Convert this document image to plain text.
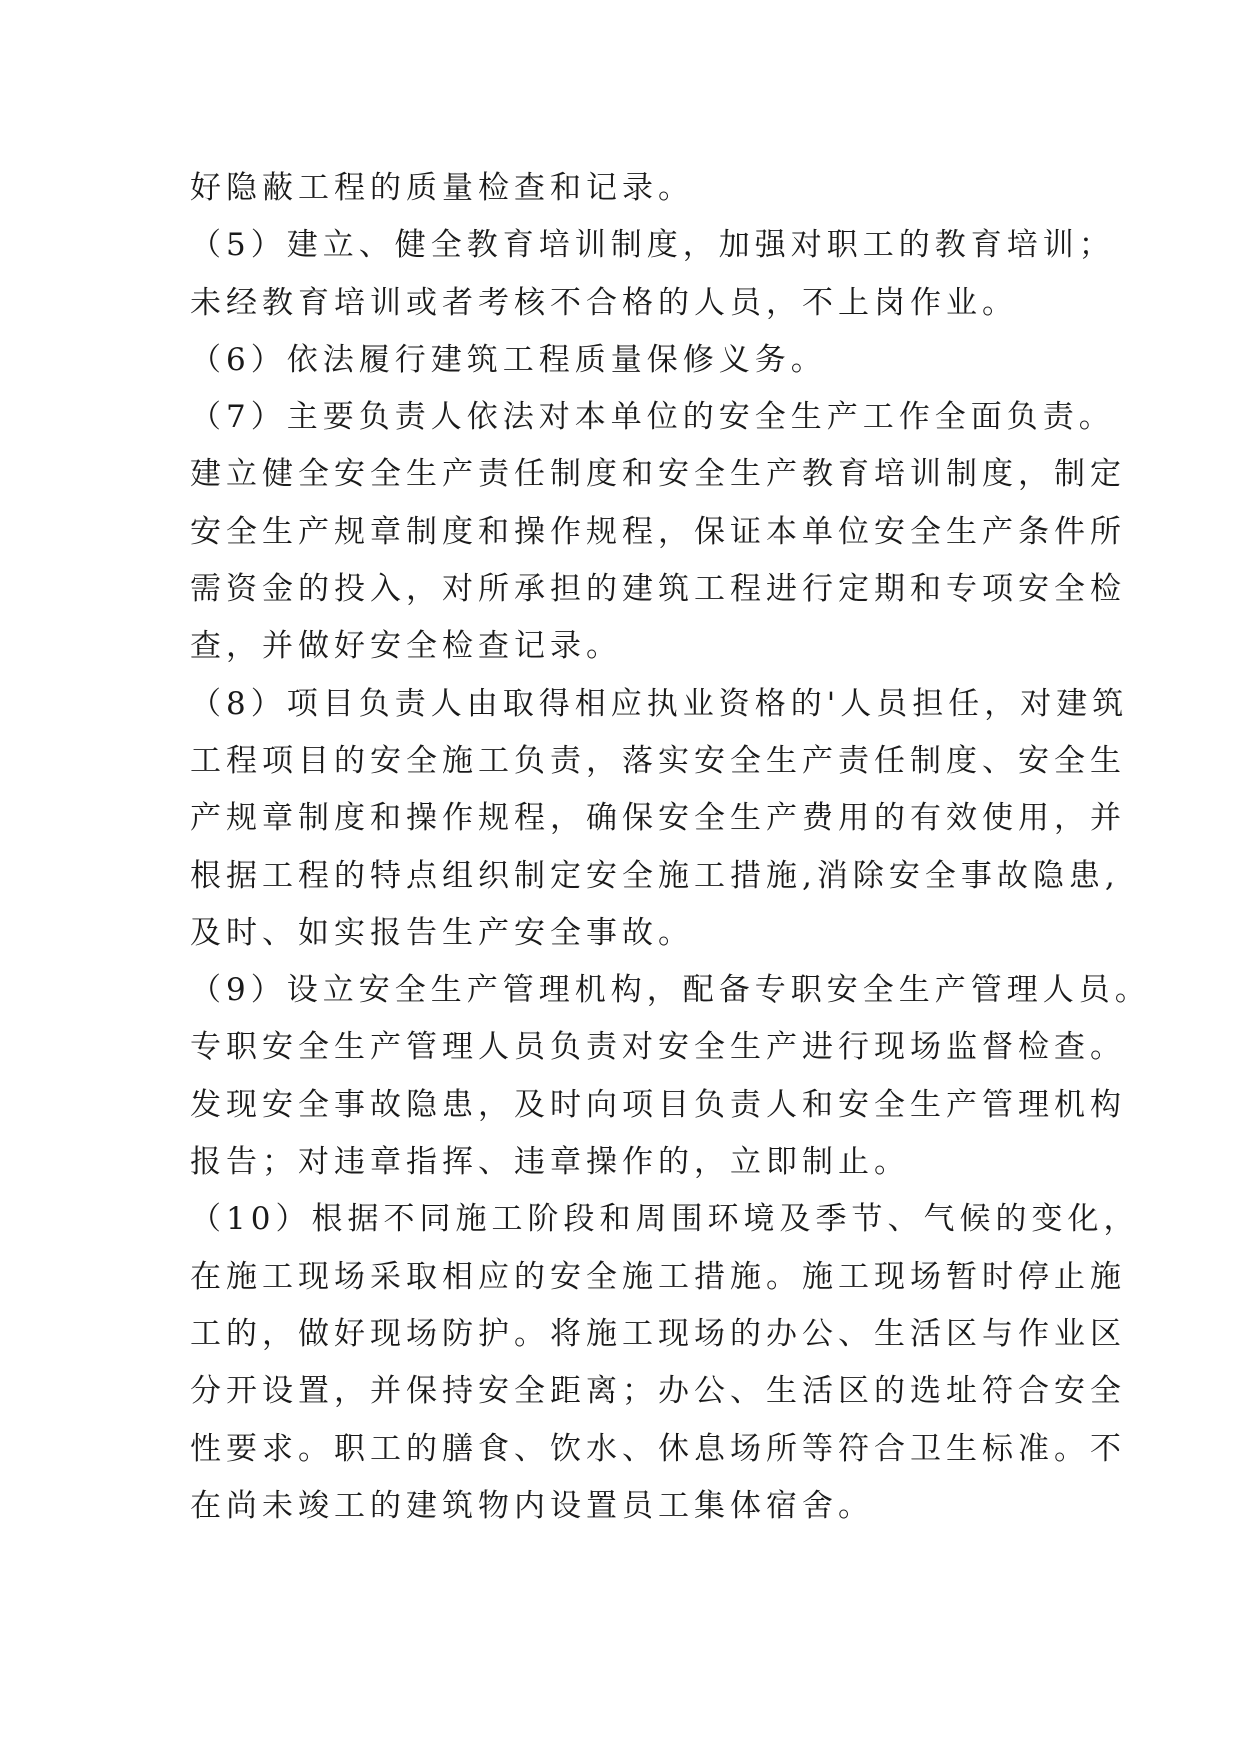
好隐蔽工程的质量检查和记录。
（5）建立、健全教育培训制度，加强对职工的教育培训；
未经教育培训或者考核不合格的人员，不上岗作业。
（6）依法履行建筑工程质量保修义务。
（7）主要负责人依法对本单位的安全生产工作全面负责。
建立健全安全生产责任制度和安全生产教育培训制度，制定
安全生产规章制度和操作规程，保证本单位安全生产条件所
需资金的投入，对所承担的建筑工程进行定期和专项安全检
查，并做好安全检查记录。
（8）项目负责人由取得相应执业资格的'人员担任，对建筑
工程项目的安全施工负责，落实安全生产责任制度、安全生
产规章制度和操作规程，确保安全生产费用的有效使用，并
根据工程的特点组织制定安全施工措施,消除安全事故隐患,
及时、如实报告生产安全事故。
（9）设立安全生产管理机构，配备专职安全生产管理人员。
专职安全生产管理人员负责对安全生产进行现场监督检查。
发现安全事故隐患，及时向项目负责人和安全生产管理机构
报告；对违章指挥、违章操作的，立即制止。
（10）根据不同施工阶段和周围环境及季节、气候的变化，
在施工现场采取相应的安全施工措施。施工现场暂时停止施
工的，做好现场防护。将施工现场的办公、生活区与作业区
分开设置，并保持安全距离；办公、生活区的选址符合安全
性要求。职工的膳食、饮水、休息场所等符合卫生标准。不
在尚未竣工的建筑物内设置员工集体宿舍。
